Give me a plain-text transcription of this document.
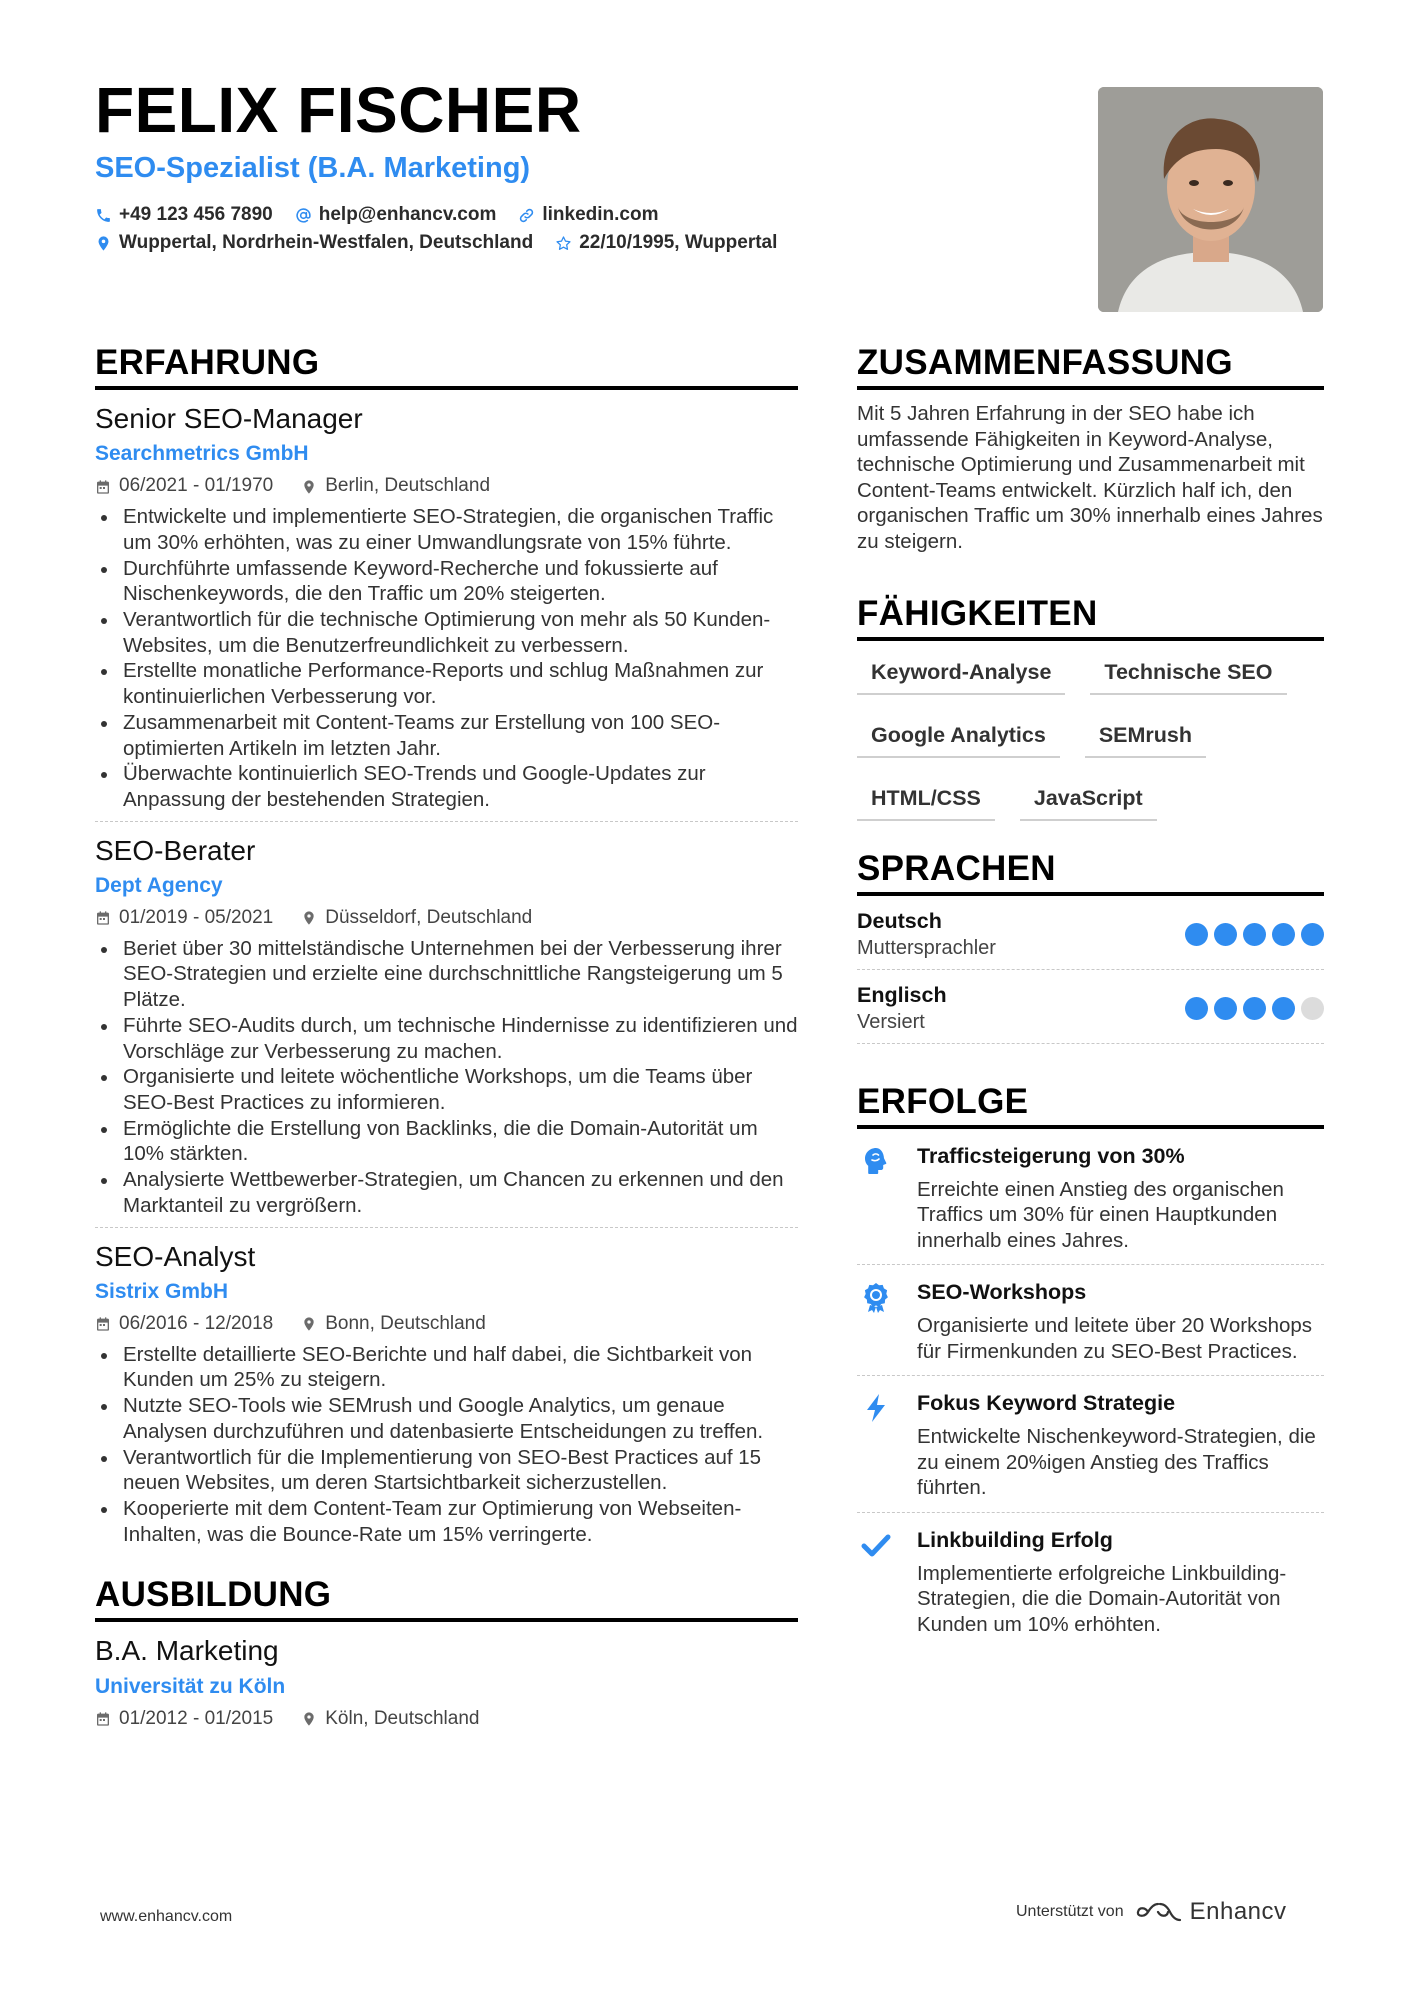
FELIX FISCHER
SEO-Spezialist (B.A. Marketing)
+49 123 456 7890 help@enhancv.com linkedin.com
Wuppertal, Nordrhein-Westfalen, Deutschland 22/10/1995, Wuppertal
ERFAHRUNG
Senior SEO-Manager
Searchmetrics GmbH
06/2021 - 01/1970	Berlin, Deutschland
Entwickelte und implementierte SEO-Strategien, die organischen Traffic um 30% erhöhten, was zu einer Umwandlungsrate von 15% führte.
Durchführte umfassende Keyword-Recherche und fokussierte auf Nischenkeywords, die den Traffic um 20% steigerten.
Verantwortlich für die technische Optimierung von mehr als 50 Kunden-Websites, um die Benutzerfreundlichkeit zu verbessern.
Erstellte monatliche Performance-Reports und schlug Maßnahmen zur kontinuierlichen Verbesserung vor.
Zusammenarbeit mit Content-Teams zur Erstellung von 100 SEO-optimierten Artikeln im letzten Jahr.
Überwachte kontinuierlich SEO-Trends und Google-Updates zur Anpassung der bestehenden Strategien.
SEO-Berater
Dept Agency
01/2019 - 05/2021	Düsseldorf, Deutschland
Beriet über 30 mittelständische Unternehmen bei der Verbesserung ihrer SEO-Strategien und erzielte eine durchschnittliche Rangsteigerung um 5 Plätze.
Führte SEO-Audits durch, um technische Hindernisse zu identifizieren und Vorschläge zur Verbesserung zu machen.
Organisierte und leitete wöchentliche Workshops, um die Teams über SEO-Best Practices zu informieren.
Ermöglichte die Erstellung von Backlinks, die die Domain-Autorität um 10% stärkten.
Analysierte Wettbewerber-Strategien, um Chancen zu erkennen und den Marktanteil zu vergrößern.
SEO-Analyst
Sistrix GmbH
06/2016 - 12/2018	Bonn, Deutschland
Erstellte detaillierte SEO-Berichte und half dabei, die Sichtbarkeit von Kunden um 25% zu steigern.
Nutzte SEO-Tools wie SEMrush und Google Analytics, um genaue Analysen durchzuführen und datenbasierte Entscheidungen zu treffen.
Verantwortlich für die Implementierung von SEO-Best Practices auf 15 neuen Websites, um deren Startsichtbarkeit sicherzustellen.
Kooperierte mit dem Content-Team zur Optimierung von Webseiten-Inhalten, was die Bounce-Rate um 15% verringerte.
AUSBILDUNG
B.A. Marketing
Universität zu Köln
01/2012 - 01/2015	Köln, Deutschland
ZUSAMMENFASSUNG
Mit 5 Jahren Erfahrung in der SEO habe ich umfassende Fähigkeiten in Keyword-Analyse, technische Optimierung und Zusammenarbeit mit Content-Teams entwickelt. Kürzlich half ich, den organischen Traffic um 30% innerhalb eines Jahres zu steigern.
FÄHIGKEITEN
Keyword-Analyse	Technische SEO
Google Analytics	SEMrush
HTML/CSS	JavaScript
SPRACHEN
Deutsch
Muttersprachler
Englisch
Versiert
ERFOLGE
Trafficsteigerung von 30%
Erreichte einen Anstieg des organischen Traffics um 30% für einen Hauptkunden innerhalb eines Jahres.
SEO-Workshops
Organisierte und leitete über 20 Workshops für Firmenkunden zu SEO-Best Practices.
Fokus Keyword Strategie
Entwickelte Nischenkeyword-Strategien, die zu einem 20%igen Anstieg des Traffics führten.
Linkbuilding Erfolg
Implementierte erfolgreiche Linkbuilding-Strategien, die die Domain-Autorität von Kunden um 10% erhöhten.
www.enhancv.com	Unterstützt von	Enhancv
